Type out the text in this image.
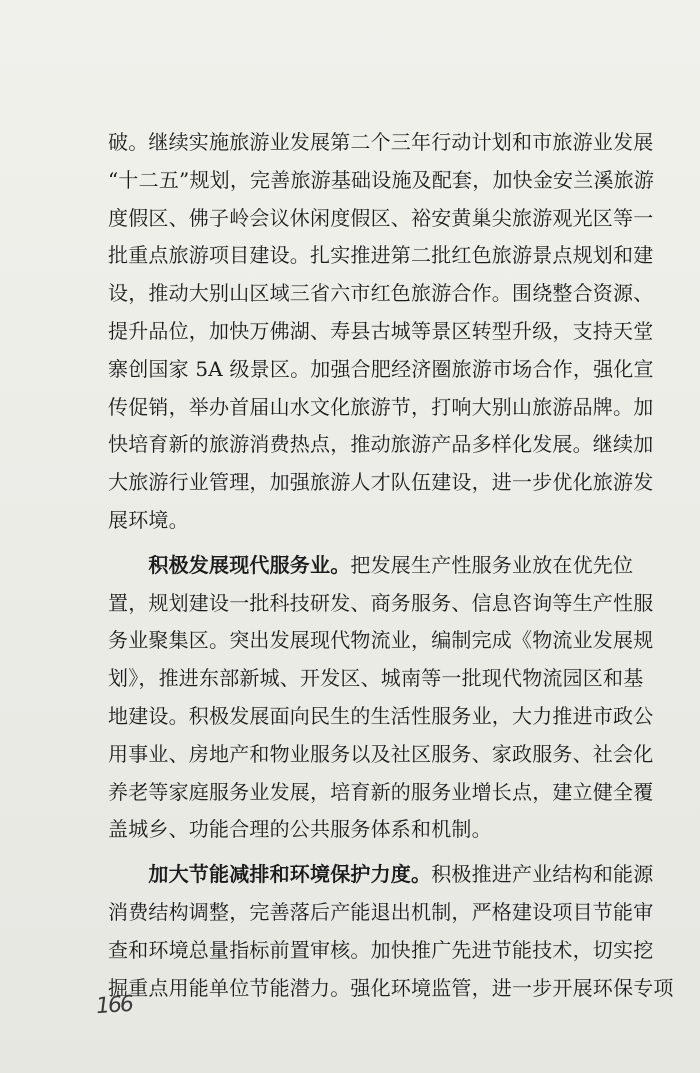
破。继续实施旅游业发展第二个三年行动计划和市旅游业发展
“十二五”规划，完善旅游基础设施及配套，加快金安兰溪旅游
度假区、佛子岭会议休闲度假区、裕安黄巢尖旅游观光区等一
批重点旅游项目建设。扎实推进第二批红色旅游景点规划和建
设，推动大别山区域三省六市红色旅游合作。围绕整合资源、
提升品位，加快万佛湖、寿县古城等景区转型升级，支持天堂
寨创国家 5A 级景区。加强合肥经济圈旅游市场合作，强化宣
传促销，举办首届山水文化旅游节，打响大别山旅游品牌。加
快培育新的旅游消费热点，推动旅游产品多样化发展。继续加
大旅游行业管理，加强旅游人才队伍建设，进一步优化旅游发
展环境。
　　积极发展现代服务业。把发展生产性服务业放在优先位
置，规划建设一批科技研发、商务服务、信息咨询等生产性服
务业聚集区。突出发展现代物流业，编制完成《物流业发展规
划》，推进东部新城、开发区、城南等一批现代物流园区和基
地建设。积极发展面向民生的生活性服务业，大力推进市政公
用事业、房地产和物业服务以及社区服务、家政服务、社会化
养老等家庭服务业发展，培育新的服务业增长点，建立健全覆
盖城乡、功能合理的公共服务体系和机制。
　　加大节能减排和环境保护力度。积极推进产业结构和能源
消费结构调整，完善落后产能退出机制，严格建设项目节能审
查和环境总量指标前置审核。加快推广先进节能技术，切实挖
掘重点用能单位节能潜力。强化环境监管，进一步开展环保专项
166
